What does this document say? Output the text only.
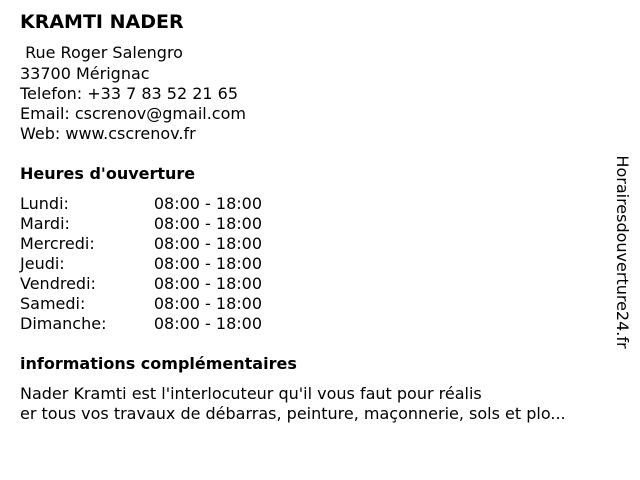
KRAMTI NADER
Rue Roger Salengro
33700 Mérignac
Telefon: +33 7 83 52 21 65
Email: cscrenov@gmail.com
Web: www.cscrenov.fr
Heures d'ouverture
Lundi:	08:00 - 18:00
Mardi:	08:00 - 18:00
Mercredi:	08:00 - 18:00
Jeudi:	08:00 - 18:00
Vendredi:	08:00 - 18:00
Samedi:	08:00 - 18:00
Dimanche:	08:00 - 18:00
informations complémentaires
Nader Kramti est l'interlocuteur qu'il vous faut pour réalis
er tous vos travaux de débarras, peinture, maçonnerie, sols et plo...
Horairesdouverture24.fr
